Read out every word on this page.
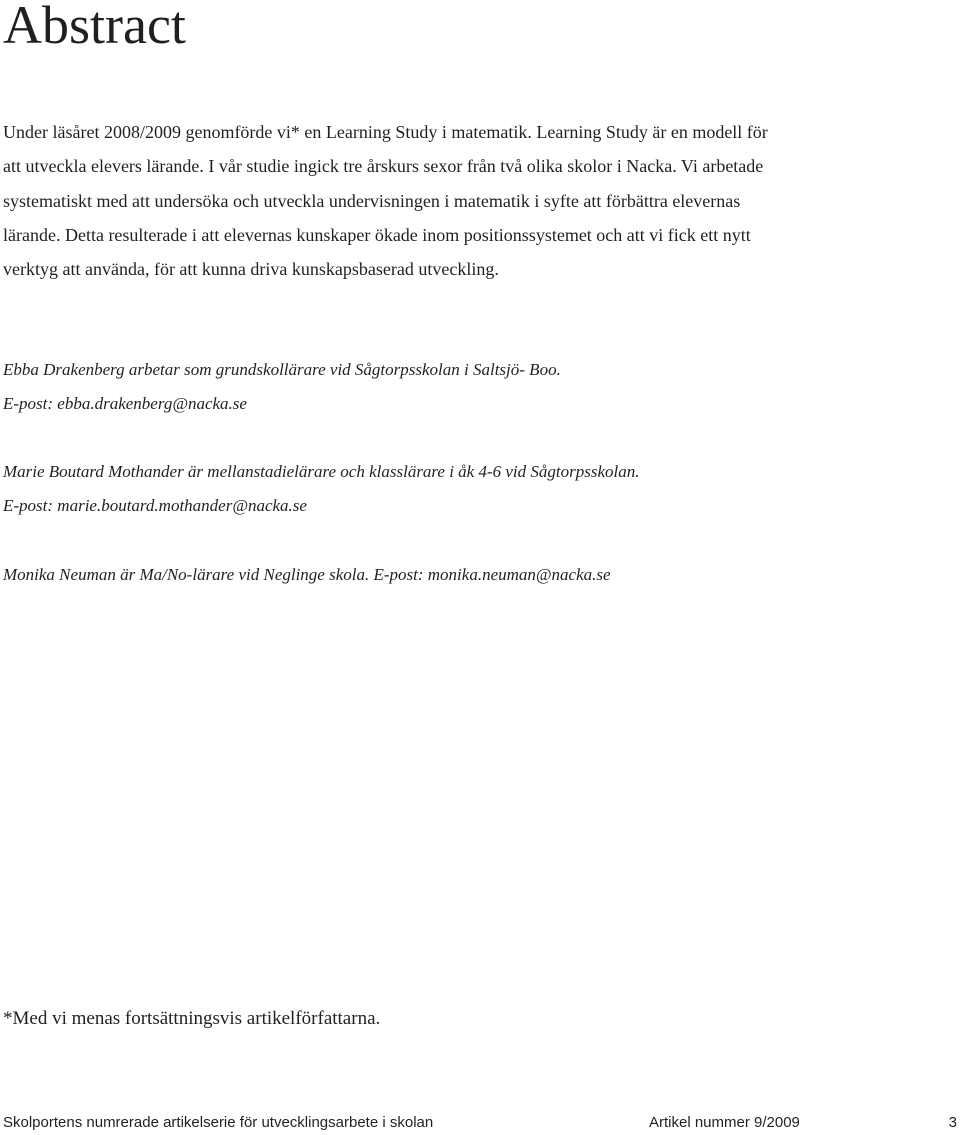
Abstract

Under läsåret 2008/2009 genomförde vi* en Learning Study i matematik. Learning Study är en modell för att utveckla elevers lärande. I vår studie ingick tre årskurs sexor från två olika skolor i Nacka. Vi arbetade systematiskt med att undersöka och utveckla undervisningen i matematik i syfte att förbättra elevernas lärande. Detta resulterade i att elevernas kunskaper ökade inom positionssystemet och att vi fick ett nytt verktyg att använda, för att kunna driva kunskapsbaserad utveckling.

Ebba Drakenberg arbetar som grundskollärare vid Sågtorpsskolan i Saltsjö- Boo.
E-post: ebba.drakenberg@nacka.se
Marie Boutard Mothander är mellanstadielärare och klasslärare i åk 4-6 vid Sågtorpsskolan.
E-post: marie.boutard.mothander@nacka.se
Monika Neuman är Ma/No-lärare vid Neglinge skola. E-post: monika.neuman@nacka.se

*Med vi menas fortsättningsvis artikelförfattarna.

Skolportens numrerade artikelserie för utvecklingsarbete i skolan	Artikel nummer 9/2009	3
